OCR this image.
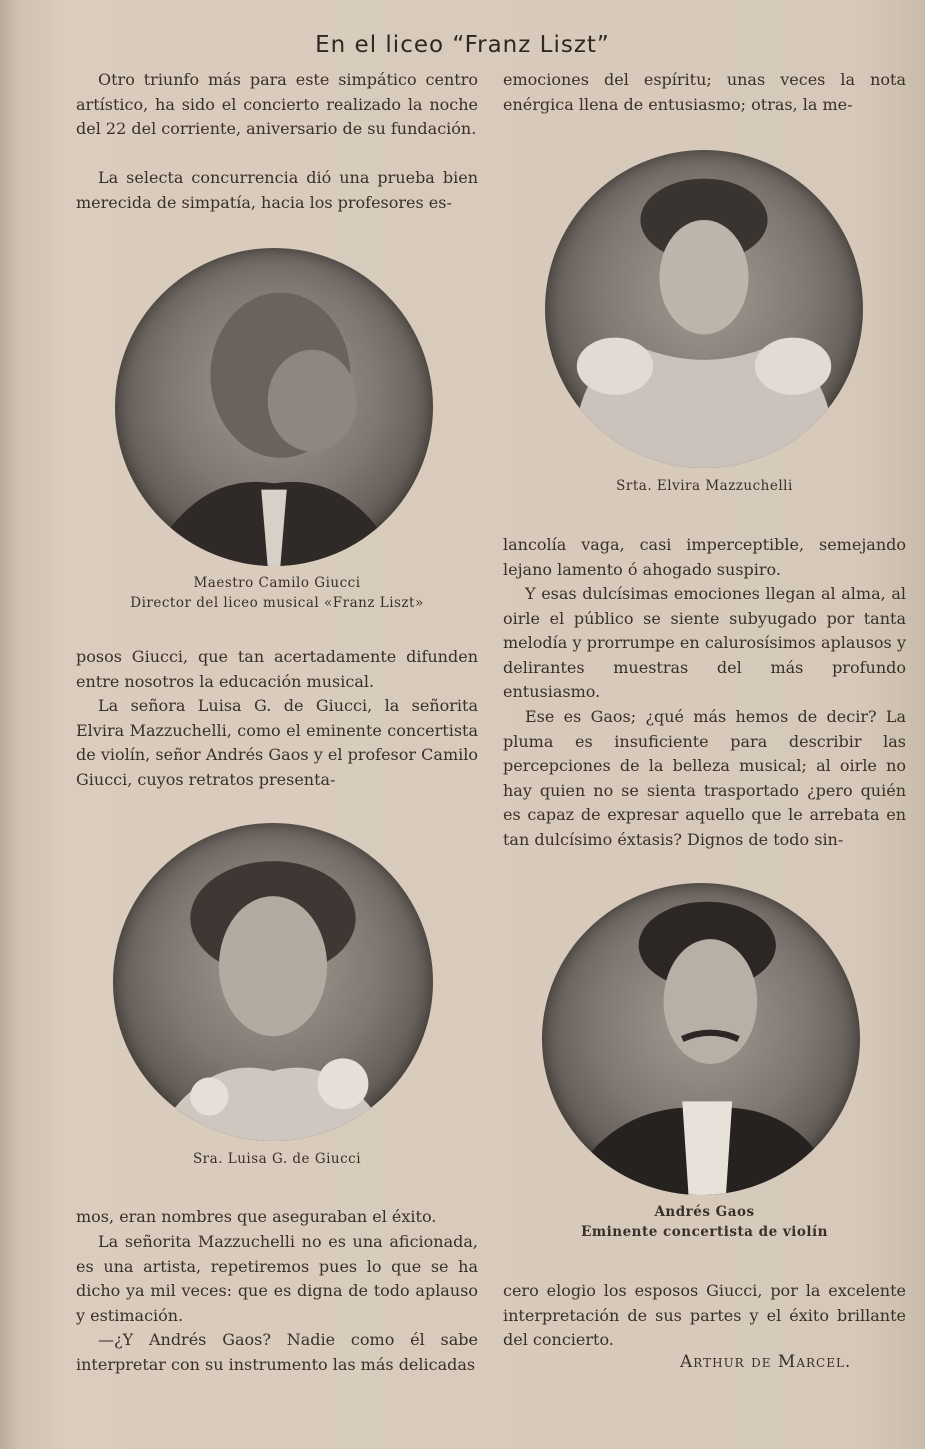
En el liceo “Franz Liszt”

Otro triunfo más para este simpático centro artístico, ha sido el concierto realizado la noche del 22 del corriente, aniversario de su fundación.

La selecta concurrencia dió una prueba bien merecida de simpatía, hacia los profesores es-

Maestro Camilo Giucci
Director del liceo musical «Franz Liszt»

posos Giucci, que tan acertadamente difunden entre nosotros la educación musical.

La señora Luisa G. de Giucci, la señorita Elvira Mazzuchelli, como el eminente concertista de violín, señor Andrés Gaos y el profesor Camilo Giucci, cuyos retratos presenta-

Sra. Luisa G. de Giucci

mos, eran nombres que aseguraban el éxito.

La señorita Mazzuchelli no es una aficionada, es una artista, repetiremos pues lo que se ha dicho ya mil veces: que es digna de todo aplauso y estimación.

—¿Y Andrés Gaos? Nadie como él sabe interpretar con su instrumento las más delicadas

emociones del espíritu; unas veces la nota enérgica llena de entusiasmo; otras, la me-

Srta. Elvira Mazzuchelli

lancolía vaga, casi imperceptible, semejando lejano lamento ó ahogado suspiro.

Y esas dulcísimas emociones llegan al alma, al oirle el público se siente subyugado por tanta melodía y prorrumpe en calurosísimos aplausos y delirantes muestras del más profundo entusiasmo.

Ese es Gaos; ¿qué más hemos de decir? La pluma es insuficiente para describir las percepciones de la belleza musical; al oirle no hay quien no se sienta trasportado ¿pero quién es capaz de expresar aquello que le arrebata en tan dulcísimo éxtasis? Dignos de todo sin-

Andrés Gaos
Eminente concertista de violín

cero elogio los esposos Giucci, por la excelente interpretación de sus partes y el éxito brillante del concierto.

Arthur de Marcel.
